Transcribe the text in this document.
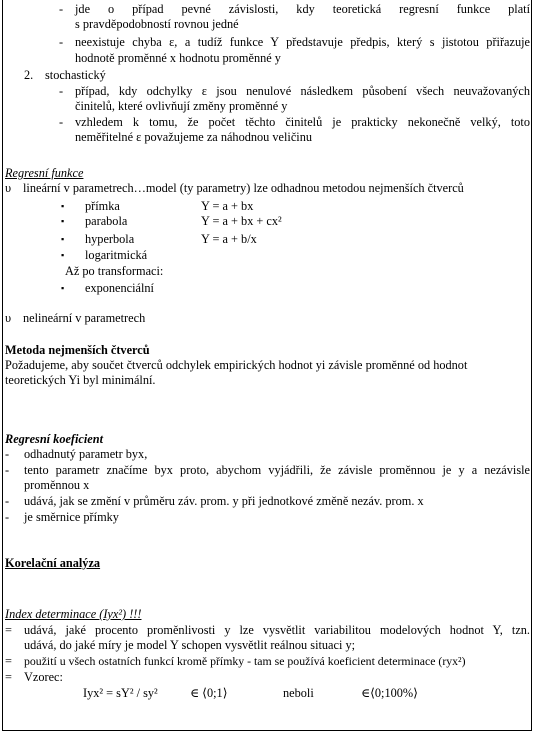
- jde o případ pevné závislosti, kdy teoretická regresní funkce platí
s pravděpodobností rovnou jedné
- neexistuje chyba ε, a tudíž funkce Y představuje předpis, který s jistotou přiřazuje
hodnotě proměnné x hodnotu proměnné y
2. stochastický
- případ, kdy odchylky ε jsou nenulové následkem působení všech neuvažovaných
činitelů, které ovlivňují změny proměnné y
- vzhledem k tomu, že počet těchto činitelů je prakticky nekonečně velký, toto
neměřitelné ε považujeme za náhodnou veličinu
Regresní funkce
υ lineární v parametrech…model (ty parametry) lze odhadnou metodou nejmenších čtverců
▪ přímka	Y = a + bx
▪ parabola	Y = a + bx + cx²
▪ hyperbola	Y = a + b/x
▪ logaritmická
Až po transformaci:
▪ exponenciální
υ nelineární v parametrech
Metoda nejmenších čtverců
Požadujeme, aby součet čtverců odchylek empirických hodnot yi závisle proměnné od hodnot
teoretických Yi byl minimální.
Regresní koeficient
- odhadnutý parametr byx,
- tento parametr značíme byx proto, abychom vyjádřili, že závisle proměnnou je y a nezávisle
proměnnou x
- udává, jak se změní v průměru záv. prom. y při jednotkové změně nezáv. prom. x
- je směrnice přímky
Korelační analýza
Index determinace (Iyx²) !!!
= udává, jaké procento proměnlivosti y lze vysvětlit variabilitou modelových hodnot Y, tzn.
udává, do jaké míry je model Y schopen vysvětlit reálnou situaci y;
= použití u všech ostatních funkcí kromě přímky - tam se používá koeficient determinace (ryx²)
= Vzorec:
Iyx² = sY² / sy²	∈ ⟨0;1⟩	neboli	∈⟨0;100%⟩
